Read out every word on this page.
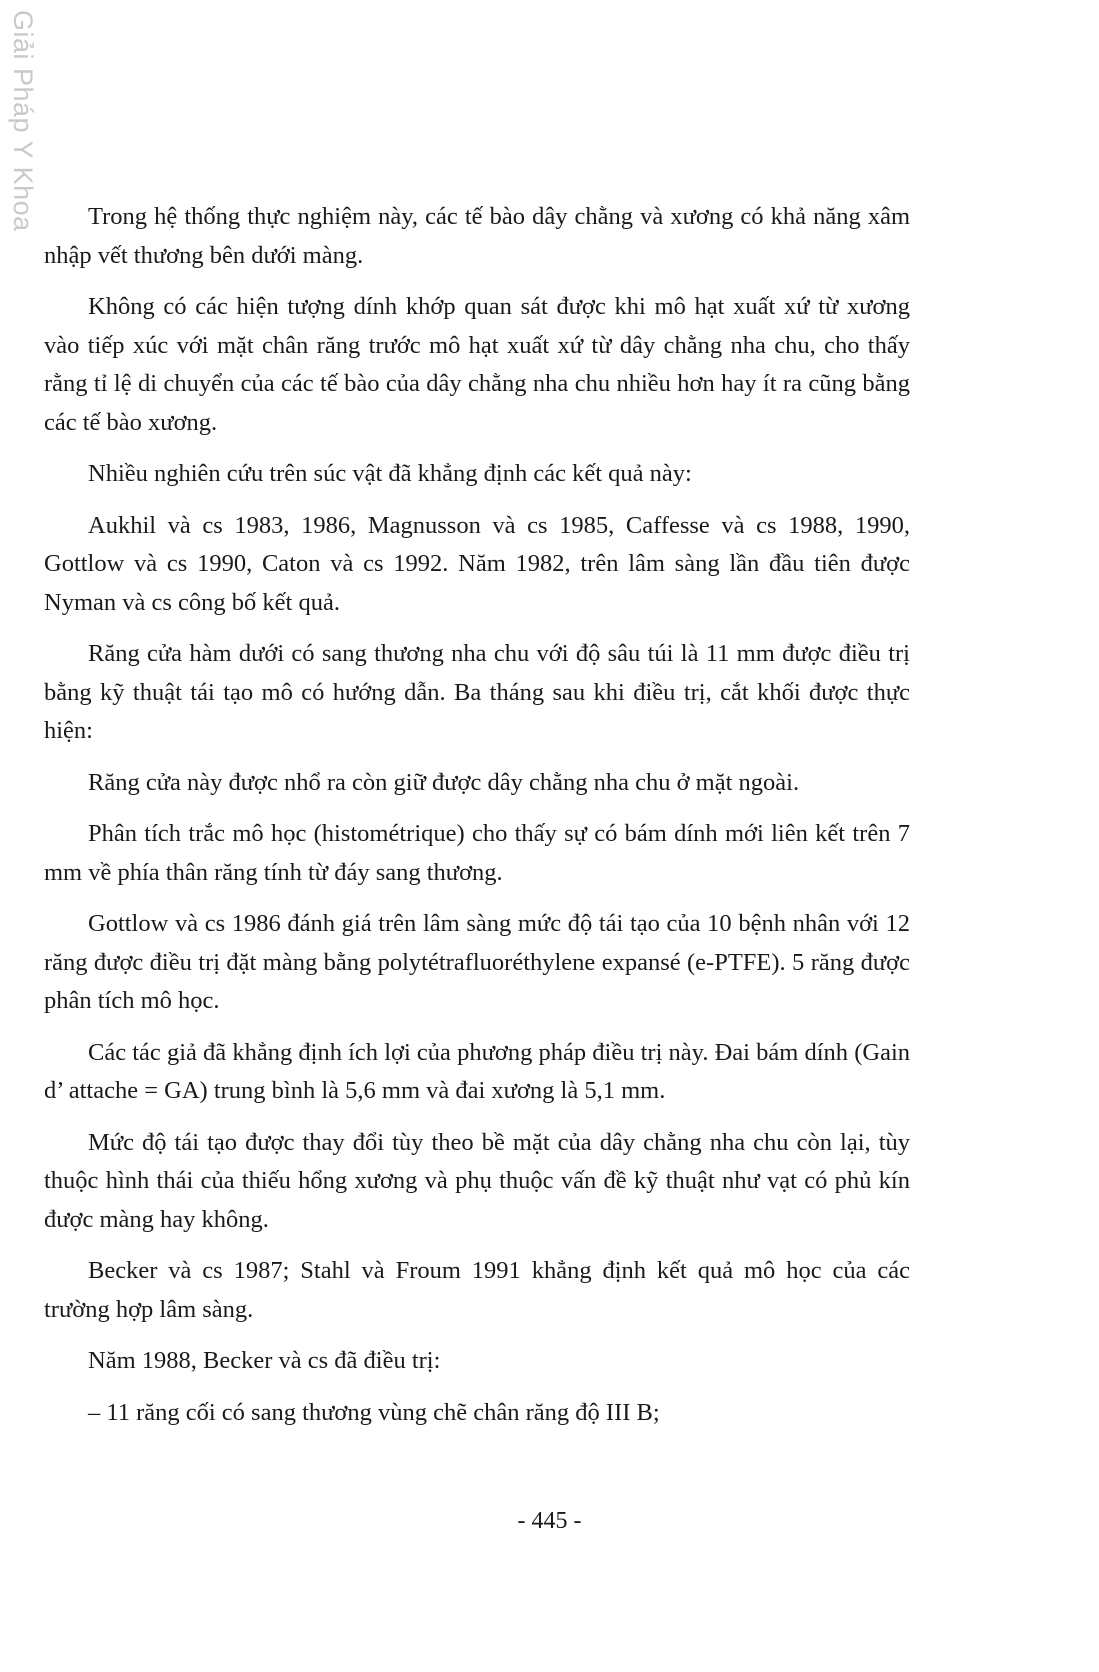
Giải Pháp Y Khoa	Trong hệ thống thực nghiệm này, các tế bào dây chằng và xương có khả năng xâm nhập vết thương bên dưới màng.

Không có các hiện tượng dính khớp quan sát được khi mô hạt xuất xứ từ xương vào tiếp xúc với mặt chân răng trước mô hạt xuất xứ từ dây chằng nha chu, cho thấy rằng tỉ lệ di chuyển của các tế bào của dây chằng nha chu nhiều hơn hay ít ra cũng bằng các tế bào xương.

Nhiều nghiên cứu trên súc vật đã khẳng định các kết quả này:

Aukhil và cs 1983, 1986, Magnusson và cs 1985, Caffesse và cs 1988, 1990, Gottlow và cs 1990, Caton và cs 1992. Năm 1982, trên lâm sàng lần đầu tiên được Nyman và cs công bố kết quả.

Răng cửa hàm dưới có sang thương nha chu với độ sâu túi là 11 mm được điều trị bằng kỹ thuật tái tạo mô có hướng dẫn. Ba tháng sau khi điều trị, cắt khối được thực hiện:

Răng cửa này được nhổ ra còn giữ được dây chằng nha chu ở mặt ngoài.

Phân tích trắc mô học (histométrique) cho thấy sự có bám dính mới liên kết trên 7 mm về phía thân răng tính từ đáy sang thương.

Gottlow và cs 1986 đánh giá trên lâm sàng mức độ tái tạo của 10 bệnh nhân với 12 răng được điều trị đặt màng bằng polytétrafluoréthylene expansé (e-PTFE). 5 răng được phân tích mô học.

Các tác giả đã khẳng định ích lợi của phương pháp điều trị này. Đai bám dính (Gain d’ attache = GA) trung bình là 5,6 mm và đai xương là 5,1 mm.

Mức độ tái tạo được thay đổi tùy theo bề mặt của dây chằng nha chu còn lại, tùy thuộc hình thái của thiếu hổng xương và phụ thuộc vấn đề kỹ thuật như vạt có phủ kín được màng hay không.

Becker và cs 1987; Stahl và Froum 1991 khẳng định kết quả mô học của các trường hợp lâm sàng.

Năm 1988, Becker và cs đã điều trị:

– 11 răng cối có sang thương vùng chẽ chân răng độ III B;

- 445 -
